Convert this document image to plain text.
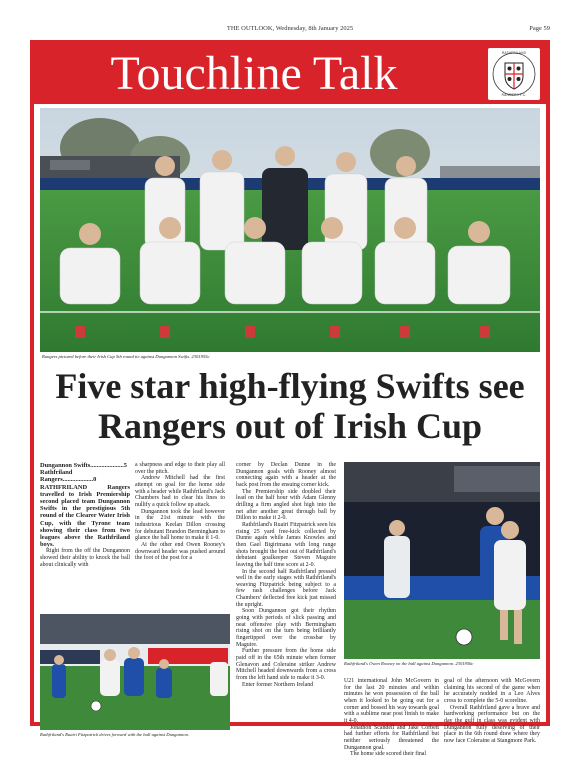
THE OUTLOOK, Wednesday, 8th January 2025	Page 59
Touchline Talk	RATHFRILAND
RANGERS F.C.
Rangers pictured before their Irish Cup 5th round tie against Dungannon Swifts. 2301955c
Five star high-flying Swifts see Rangers out of Irish Cup

Dungannon Swifts.....................5

Rathfriland Rangers...................0

RATHFRILAND Rangers travelled to Irish Premiership second placed team Dungannon Swifts in the prestigious 5th round of the Clearer Water Irish Cup, with the Tyrone team showing their class from two leagues above the Rathfriland boys.

Right from the off the Dungannon showed their ability to knock the ball about clinically with

a sharpness and edge to their play all over the pitch.

Andrew Mitchell had the first attempt on goal for the home side with a header while Rathfriland's Jack Chambers had to clear his lines to nullify a quick follow up attack.

Dungannon took the lead however in the 21st minute with the industrious Keelan Dillon crossing for debutant Brandon Bermingham to glance the ball home to make it 1-0.

At the other end Owen Rooney's downward header was pushed around the foot of the post for a

corner by Declan Dunne in the Dungannon goals with Rooney almost connecting again with a header at the back post from the ensuing corner kick.

The Premiership side doubled their lead on the half hour with Adam Glenny drilling a firm angled shot high into the net after another great through ball by Dillon to make it 2-0.

Rathfriland's Ruairi Fitzpatrick seen his rising 25 yard free-kick collected by Dunne again while James Knowles and then Gael Bigirimana with long range shots brought the best out of Rathfriland's debutant goalkeeper Steven Maguire leaving the half time score at 2-0.

In the second half Rathfriland pressed well in the early stages with Rathfriland's weaving Fitzpatrick being subject to a few rash challenges before Jack Chambers' deflected free kick just missed the upright.

Soon Dungannon got their rhythm going with periods of slick passing and neat offensive play with Bermingham rising shot on the turn being brilliantly fingertipped over the crossbar by Maguire.

Further pressure from the home side paid off in the 65th minute when former Glenavon and Coleraine striker Andrew Mitchell headed downwards from a cross from the left hand side to make it 3-0.

Enter former Northern Ireland

Rathfriland's Ruairi Fitzpatrick drives forward with the ball against Dungannon.
Rathfriland's Owen Rooney on the ball against Dungannon. 2301956c

U21 international John McGovern in for the last 20 minutes and within minutes he won possession of the ball when it looked to be going out for a corner and bossed his way towards goal with a sublime near post finish to make it 4-0.

Jonathon Scandell and Jake Corbett had further efforts for Rathfriland but neither seriously threatened the Dungannon goal.

The home side scored their final

goal of the afternoon with McGovern claiming his second of the game when he accurately nodded in a Leo Alves cross to complete the 5-0 scoreline.

Overall Rathfriland gave a brave and hardworking performance but on the day the gulf in class was evident with Dungannon fully deserving of their place in the 6th round draw where they now face Coleraine at Stangmore Park.
